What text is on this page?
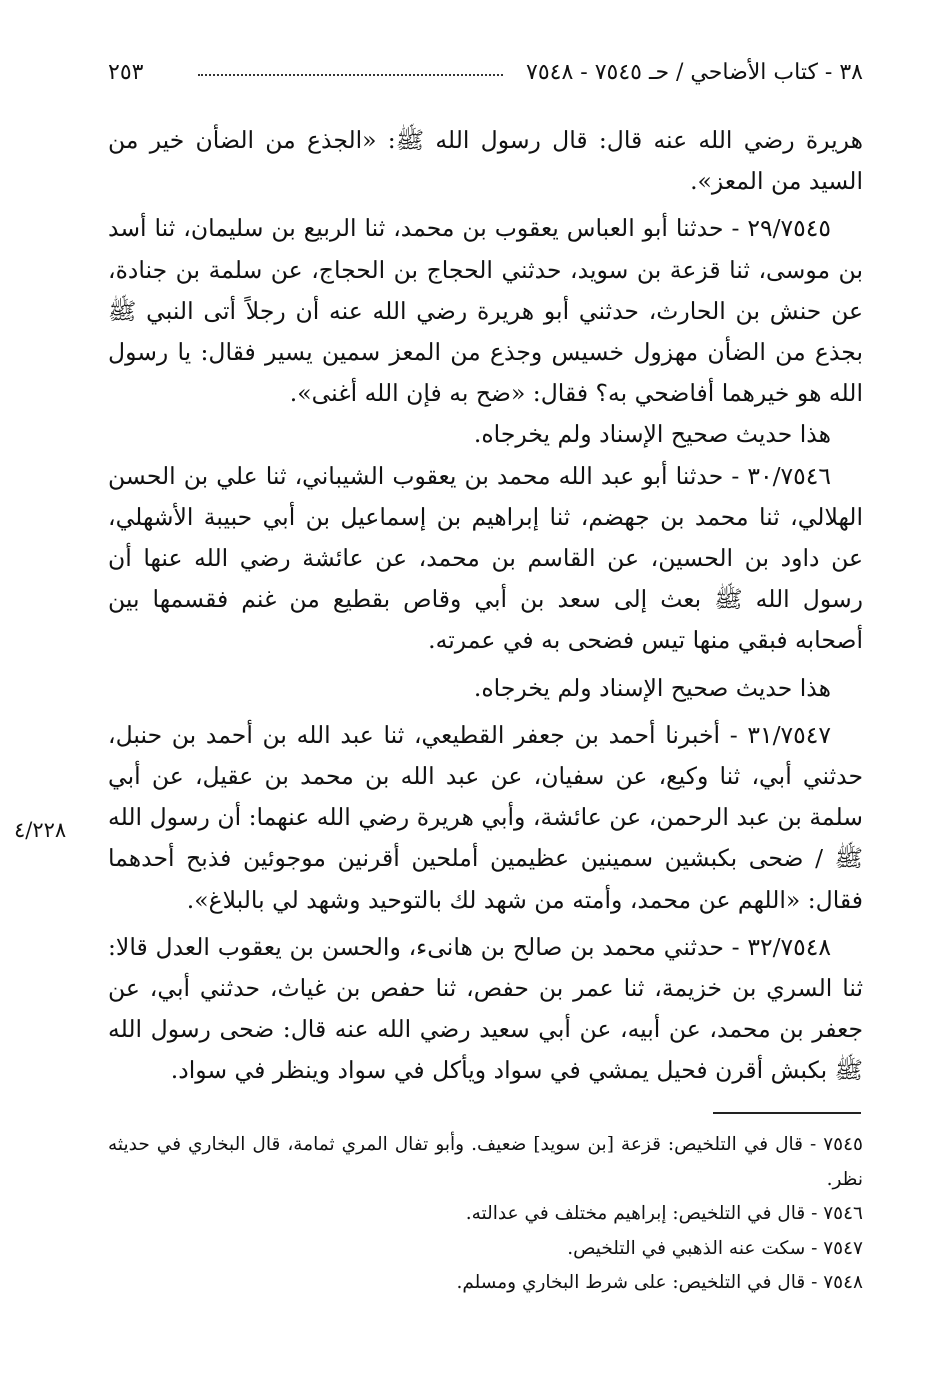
٣٨ - كتاب الأضاحي / حـ ٧٥٤٥ - ٧٥٤٨
٢٥٣

هريرة رضي الله عنه قال: قال رسول الله ﷺ: «الجذع من الضأن خير من السيد من المعز».

٢٩/٧٥٤٥ - حدثنا أبو العباس يعقوب بن محمد، ثنا الربيع بن سليمان، ثنا أسد بن موسى، ثنا قزعة بن سويد، حدثني الحجاج بن الحجاج، عن سلمة بن جنادة، عن حنش بن الحارث، حدثني أبو هريرة رضي الله عنه أن رجلاً أتى النبي ﷺ بجذع من الضأن مهزول خسيس وجذع من المعز سمين يسير فقال: يا رسول الله هو خيرهما أفاضحي به؟ فقال: «ضح به فإن الله أغنى».

هذا حديث صحيح الإسناد ولم يخرجاه.

٣٠/٧٥٤٦ - حدثنا أبو عبد الله محمد بن يعقوب الشيباني، ثنا علي بن الحسن الهلالي، ثنا محمد بن جهضم، ثنا إبراهيم بن إسماعيل بن أبي حبيبة الأشهلي، عن داود بن الحسين، عن القاسم بن محمد، عن عائشة رضي الله عنها أن رسول الله ﷺ بعث إلى سعد بن أبي وقاص بقطيع من غنم فقسمها بين أصحابه فبقي منها تيس فضحى به في عمرته.

هذا حديث صحيح الإسناد ولم يخرجاه.

٣١/٧٥٤٧ - أخبرنا أحمد بن جعفر القطيعي، ثنا عبد الله بن أحمد بن حنبل، حدثني أبي، ثنا وكيع، عن سفيان، عن عبد الله بن محمد بن عقيل، عن أبي سلمة بن عبد الرحمن، عن عائشة، وأبي هريرة رضي الله عنهما: أن رسول الله ﷺ / ضحى بكبشين سمينين عظيمين أملحين أقرنين موجوئين فذبح أحدهما فقال: «اللهم عن محمد، وأمته من شهد لك بالتوحيد وشهد لي بالبلاغ».

٣٢/٧٥٤٨ - حدثني محمد بن صالح بن هانىء، والحسن بن يعقوب العدل قالا: ثنا السري بن خزيمة، ثنا عمر بن حفص، ثنا حفص بن غياث، حدثني أبي، عن جعفر بن محمد، عن أبيه، عن أبي سعيد رضي الله عنه قال: ضحى رسول الله ﷺ بكبش أقرن فحيل يمشي في سواد ويأكل في سواد وينظر في سواد.

٤/٢٢٨

٧٥٤٥ - قال في التلخيص: قزعة [بن سويد] ضعيف. وأبو تفال المري ثمامة، قال البخاري في حديثه نظر.

٧٥٤٦ - قال في التلخيص: إبراهيم مختلف في عدالته.

٧٥٤٧ - سكت عنه الذهبي في التلخيص.

٧٥٤٨ - قال في التلخيص: على شرط البخاري ومسلم.
